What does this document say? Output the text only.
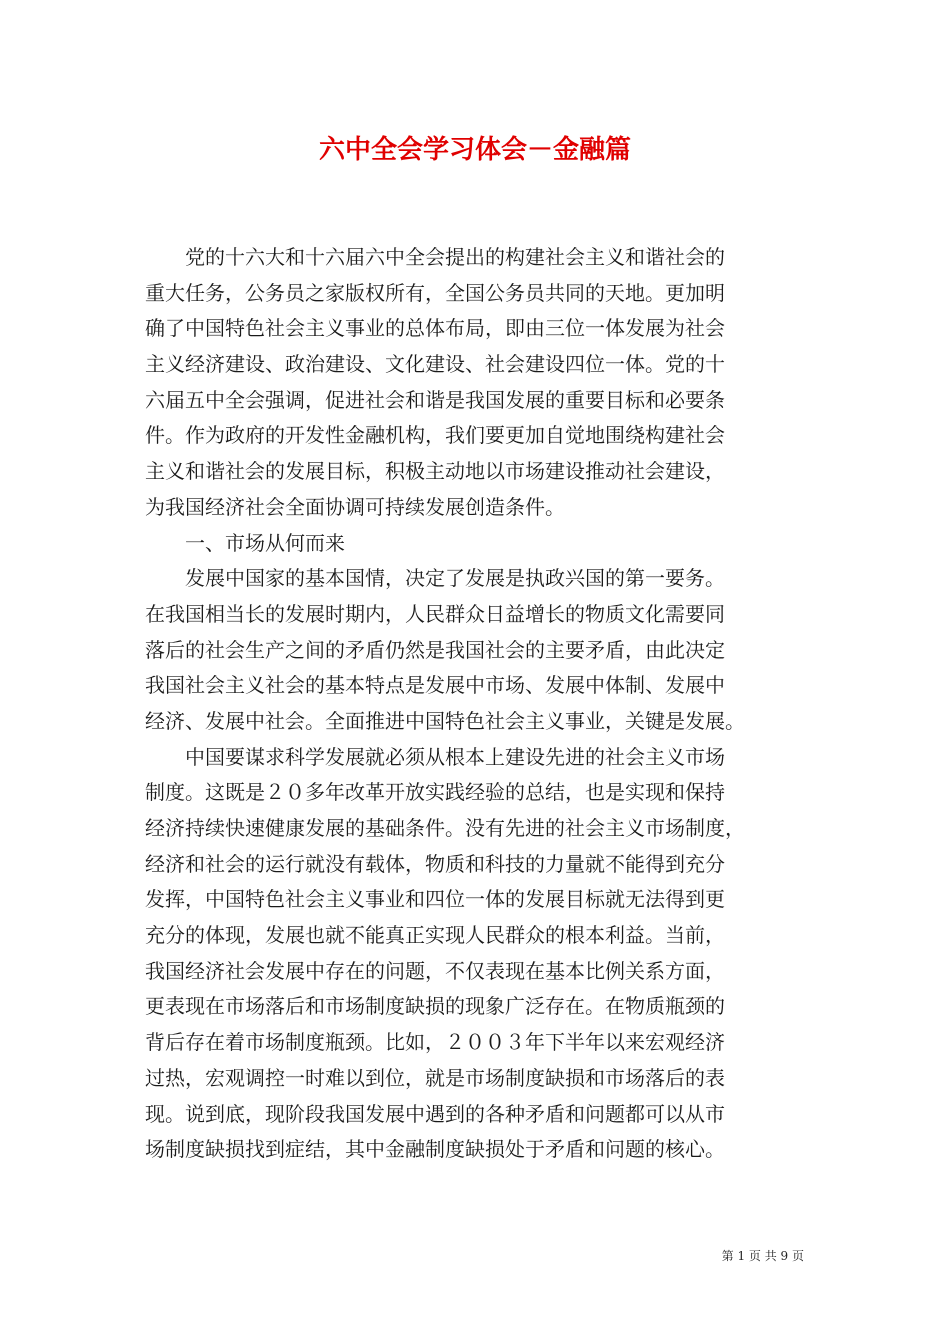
六中全会学习体会－金融篇
党的十六大和十六届六中全会提出的构建社会主义和谐社会的
重大任务，公务员之家版权所有，全国公务员共同的天地。更加明
确了中国特色社会主义事业的总体布局，即由三位一体发展为社会
主义经济建设、政治建设、文化建设、社会建设四位一体。党的十
六届五中全会强调，促进社会和谐是我国发展的重要目标和必要条
件。作为政府的开发性金融机构，我们要更加自觉地围绕构建社会
主义和谐社会的发展目标，积极主动地以市场建设推动社会建设，
为我国经济社会全面协调可持续发展创造条件。
一、市场从何而来
发展中国家的基本国情，决定了发展是执政兴国的第一要务。
在我国相当长的发展时期内，人民群众日益增长的物质文化需要同
落后的社会生产之间的矛盾仍然是我国社会的主要矛盾，由此决定
我国社会主义社会的基本特点是发展中市场、发展中体制、发展中
经济、发展中社会。全面推进中国特色社会主义事业，关键是发展。
中国要谋求科学发展就必须从根本上建设先进的社会主义市场
制度。这既是２０多年改革开放实践经验的总结，也是实现和保持
经济持续快速健康发展的基础条件。没有先进的社会主义市场制度，
经济和社会的运行就没有载体，物质和科技的力量就不能得到充分
发挥，中国特色社会主义事业和四位一体的发展目标就无法得到更
充分的体现，发展也就不能真正实现人民群众的根本利益。当前，
我国经济社会发展中存在的问题，不仅表现在基本比例关系方面，
更表现在市场落后和市场制度缺损的现象广泛存在。在物质瓶颈的
背后存在着市场制度瓶颈。比如，２００３年下半年以来宏观经济
过热，宏观调控一时难以到位，就是市场制度缺损和市场落后的表
现。说到底，现阶段我国发展中遇到的各种矛盾和问题都可以从市
场制度缺损找到症结，其中金融制度缺损处于矛盾和问题的核心。
第 1 页 共 9 页
